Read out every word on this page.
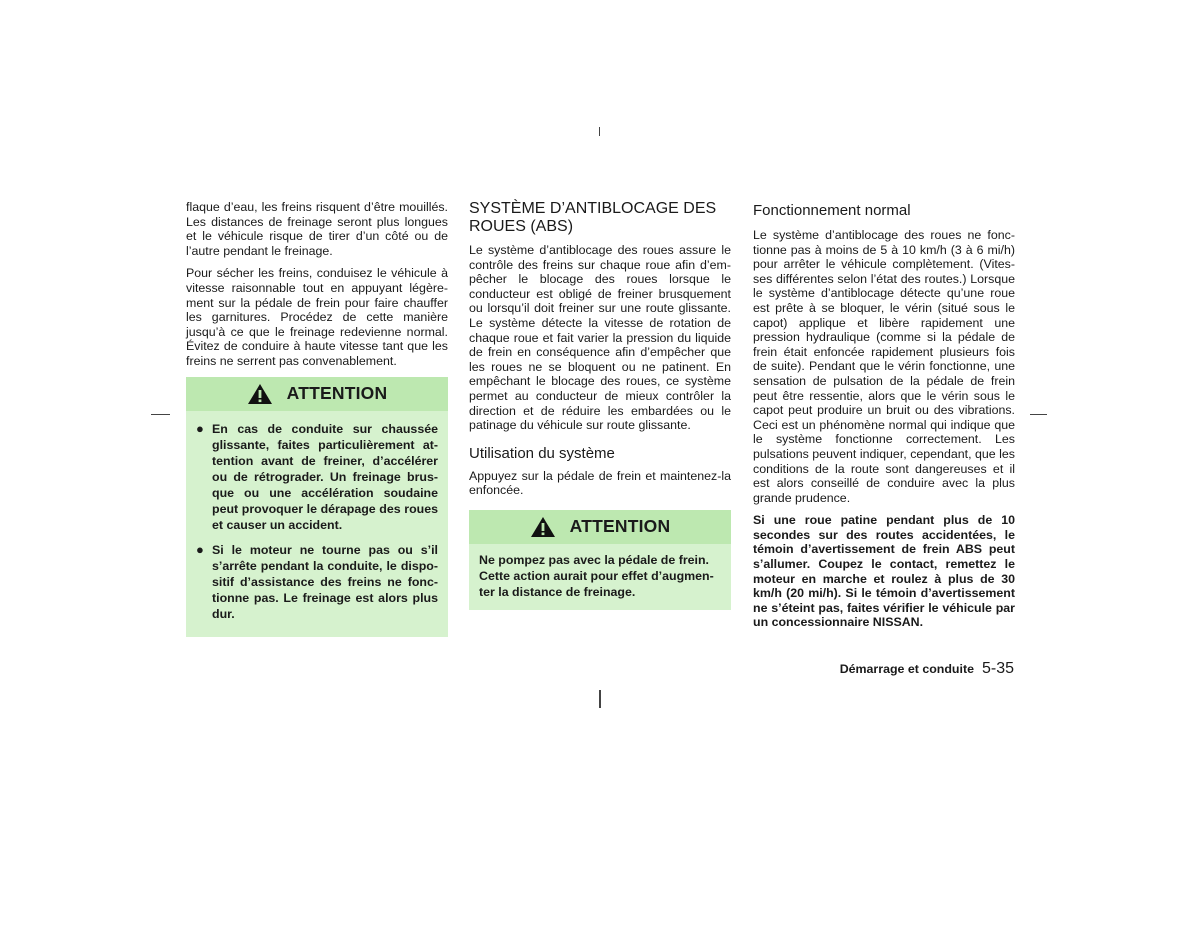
flaque d’eau, les freins risquent d’être mouillés. Les distances de freinage seront plus longues et le véhicule risque de tirer d’un côté ou de l’autre pendant le freinage.

Pour sécher les freins, conduisez le véhicule à vitesse raisonnable tout en appuyant légèrement sur la pédale de frein pour faire chauffer les garnitures. Procédez de cette manière jusqu’à ce que le freinage redevienne normal. Évitez de conduire à haute vitesse tant que les freins ne serrent pas convenablement.

ATTENTION
● En cas de conduite sur chaussée glissante, faites particulièrement attention avant de freiner, d’accélérer ou de rétrograder. Un freinage brusque ou une accélération soudaine peut provoquer le dérapage des roues et causer un accident.
● Si le moteur ne tourne pas ou s’il s’arrête pendant la conduite, le dispositif d’assistance des freins ne fonctionne pas. Le freinage est alors plus dur.
SYSTÈME D’ANTIBLOCAGE DES ROUES (ABS)

Le système d’antiblocage des roues assure le contrôle des freins sur chaque roue afin d’empêcher le blocage des roues lorsque le conducteur est obligé de freiner brusquement ou lorsqu’il doit freiner sur une route glissante. Le système détecte la vitesse de rotation de chaque roue et fait varier la pression du liquide de frein en conséquence afin d’empêcher que les roues ne se bloquent ou ne patinent. En empêchant le blocage des roues, ce système permet au conducteur de mieux contrôler la direction et de réduire les embardées ou le patinage du véhicule sur route glissante.

Utilisation du système

Appuyez sur la pédale de frein et maintenez-la enfoncée.

ATTENTION

Ne pompez pas avec la pédale de frein. Cette action aurait pour effet d’augmenter la distance de freinage.

Fonctionnement normal

Le système d’antiblocage des roues ne fonctionne pas à moins de 5 à 10 km/h (3 à 6 mi/h) pour arrêter le véhicule complètement. (Vitesses différentes selon l’état des routes.) Lorsque le système d’antiblocage détecte qu’une roue est prête à se bloquer, le vérin (situé sous le capot) applique et libère rapidement une pression hydraulique (comme si la pédale de frein était enfoncée rapidement plusieurs fois de suite). Pendant que le vérin fonctionne, une sensation de pulsation de la pédale de frein peut être ressentie, alors que le vérin sous le capot peut produire un bruit ou des vibrations. Ceci est un phénomène normal qui indique que le système fonctionne correctement. Les pulsations peuvent indiquer, cependant, que les conditions de la route sont dangereuses et il est alors conseillé de conduire avec la plus grande prudence.

Si une roue patine pendant plus de 10 secondes sur des routes accidentées, le témoin d’avertissement de frein ABS peut s’allumer. Coupez le contact, remettez le moteur en marche et roulez à plus de 30 km/h (20 mi/h). Si le témoin d’avertissement ne s’éteint pas, faites vérifier le véhicule par un concessionnaire NISSAN.

Démarrage et conduite 5-35
